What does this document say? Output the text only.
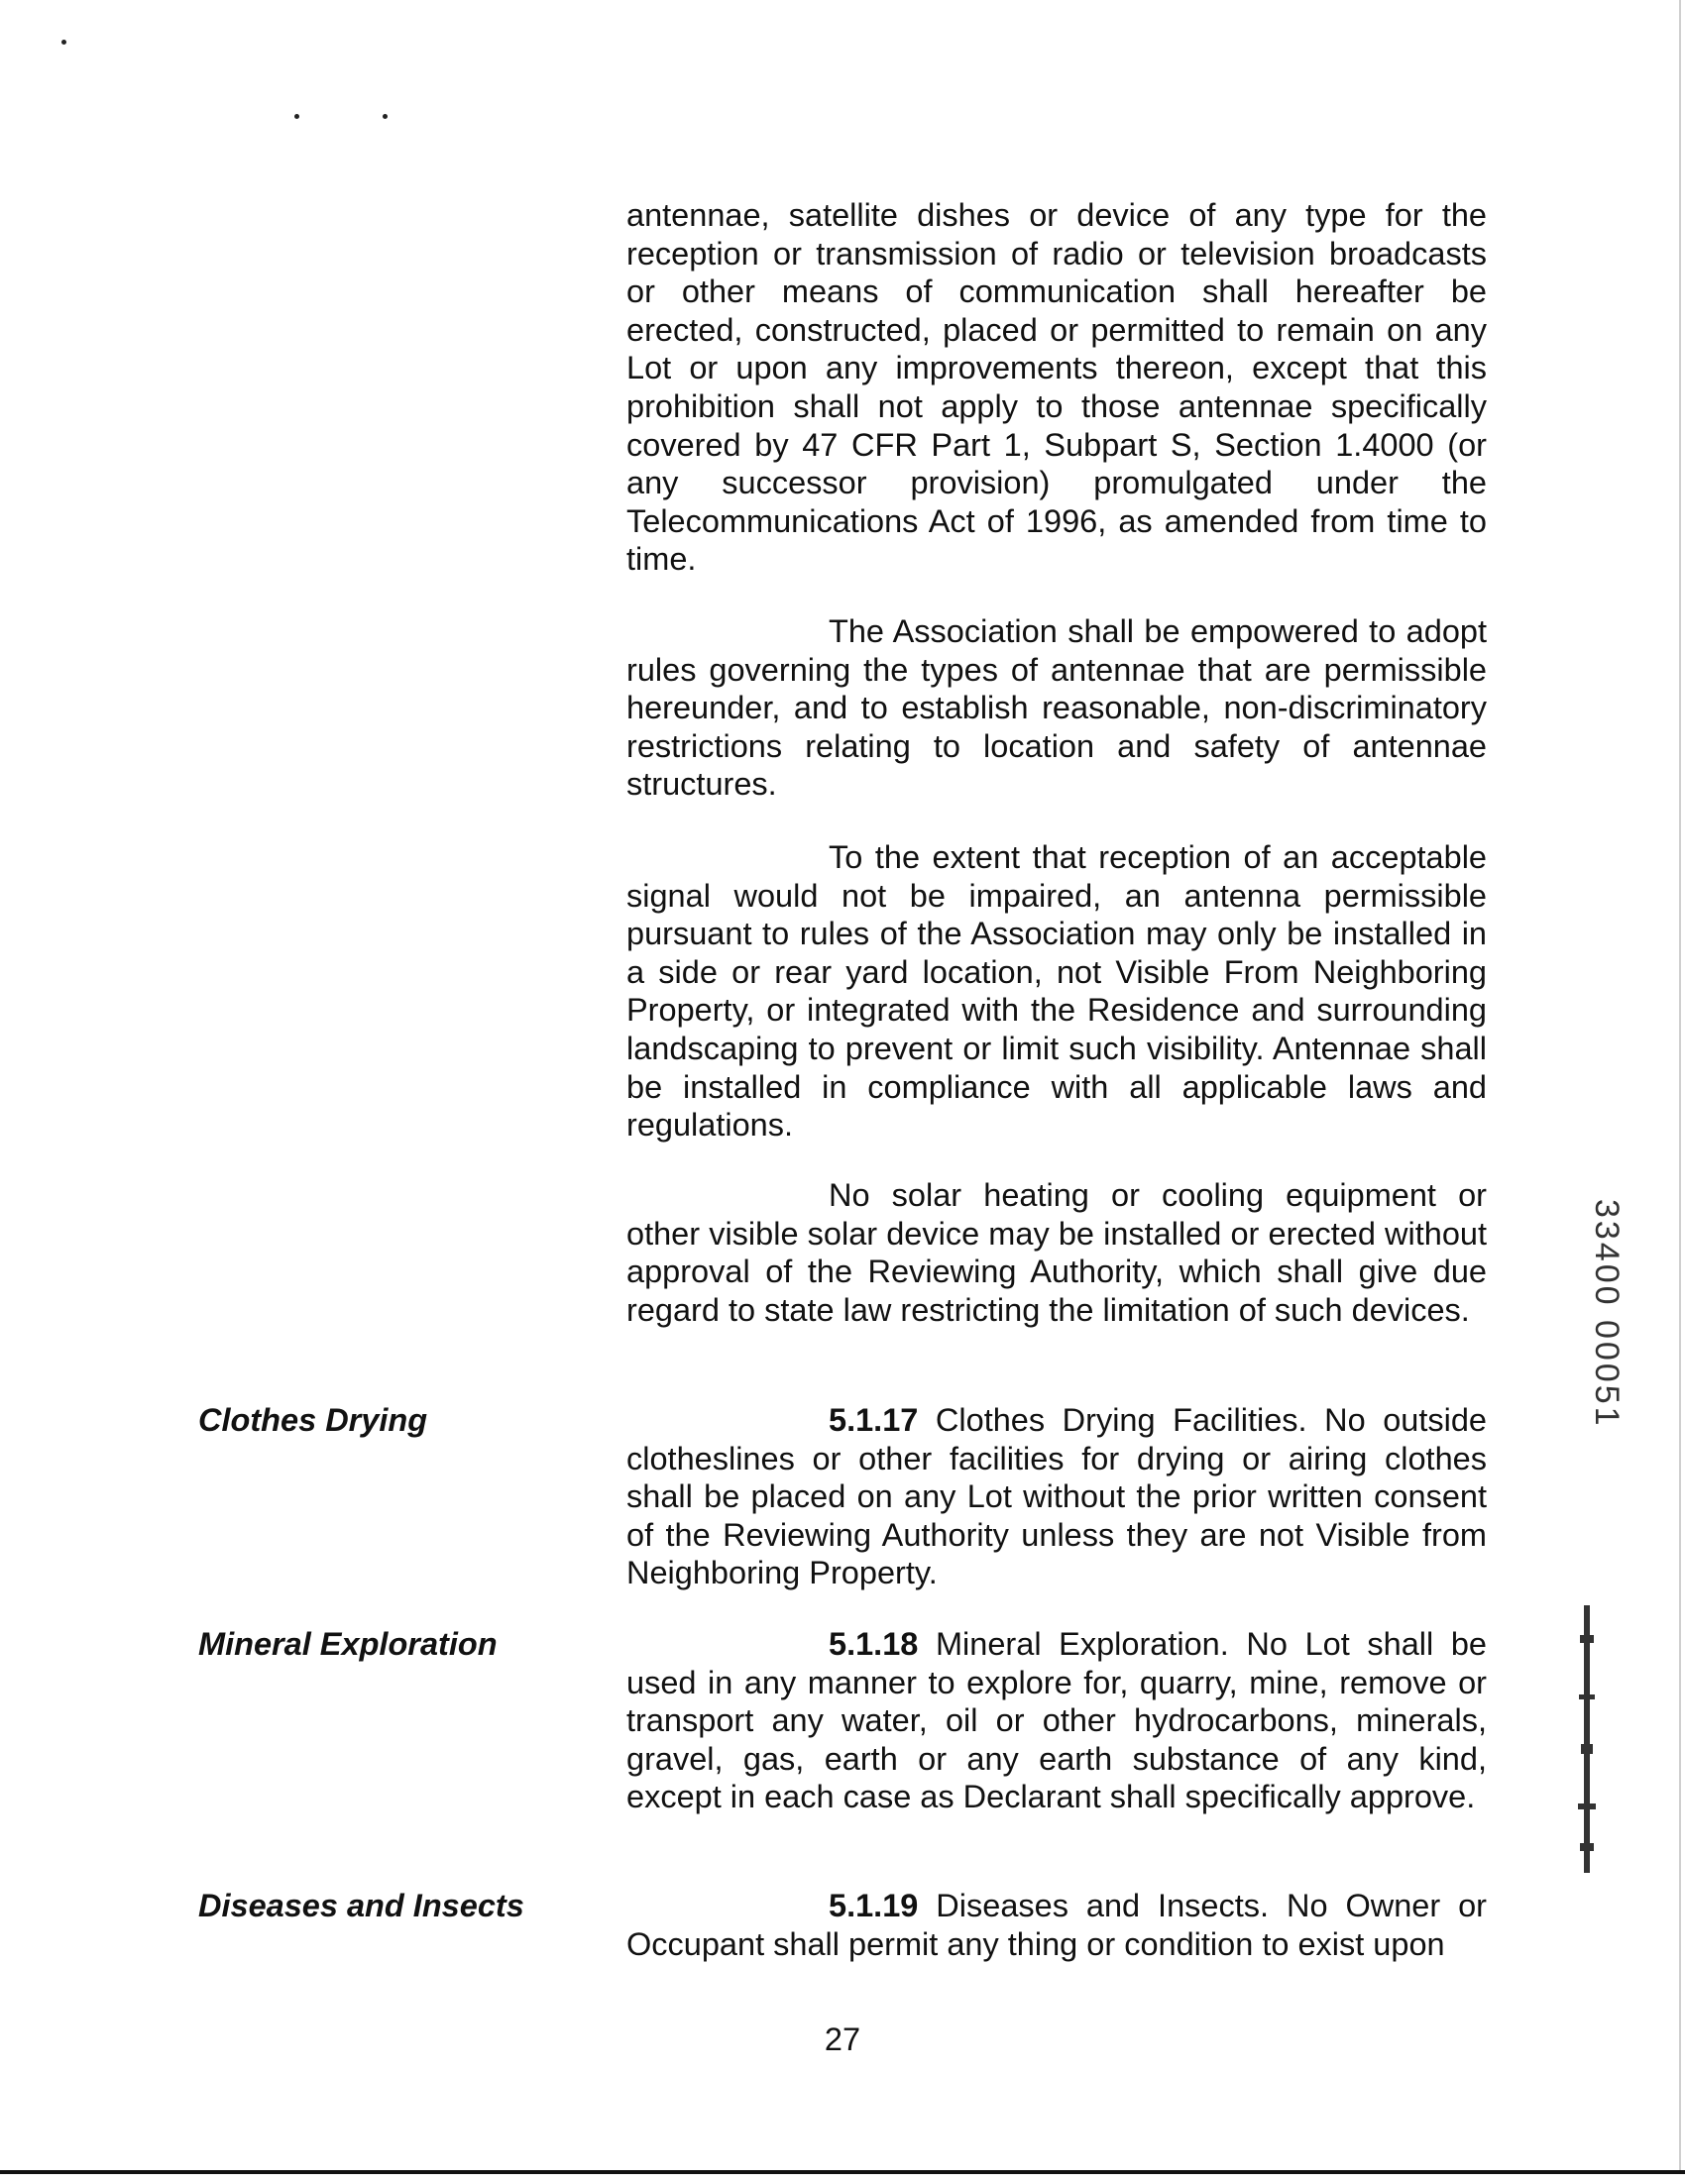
antennae, satellite dishes or device of any type for the reception or transmission of radio or television broadcasts or other means of communication shall hereafter be erected, constructed, placed or permitted to remain on any Lot or upon any improvements thereon, except that this prohibition shall not apply to those antennae specifically covered by 47 CFR Part 1, Subpart S, Section 1.4000 (or any successor provision) promulgated under the Telecommunications Act of 1996, as amended from time to time.

The Association shall be empowered to adopt rules governing the types of antennae that are permissible hereunder, and to establish reasonable, non-discriminatory restrictions relating to location and safety of antennae structures.

To the extent that reception of an acceptable signal would not be impaired, an antenna permissible pursuant to rules of the Association may only be installed in a side or rear yard location, not Visible From Neighboring Property, or integrated with the Residence and surrounding landscaping to prevent or limit such visibility. Antennae shall be installed in compliance with all applicable laws and regulations.

No solar heating or cooling equipment or other visible solar device may be installed or erected without approval of the Reviewing Authority, which shall give due regard to state law restricting the limitation of such devices.

Clothes Drying	5.1.17 Clothes Drying Facilities. No outside clotheslines or other facilities for drying or airing clothes shall be placed on any Lot without the prior written consent of the Reviewing Authority unless they are not Visible from Neighboring Property.

Mineral Exploration	5.1.18 Mineral Exploration. No Lot shall be used in any manner to explore for, quarry, mine, remove or transport any water, oil or other hydrocarbons, minerals, gravel, gas, earth or any earth substance of any kind, except in each case as Declarant shall specifically approve.

Diseases and Insects	5.1.19 Diseases and Insects. No Owner or Occupant shall permit any thing or condition to exist upon

27
33400 00051
